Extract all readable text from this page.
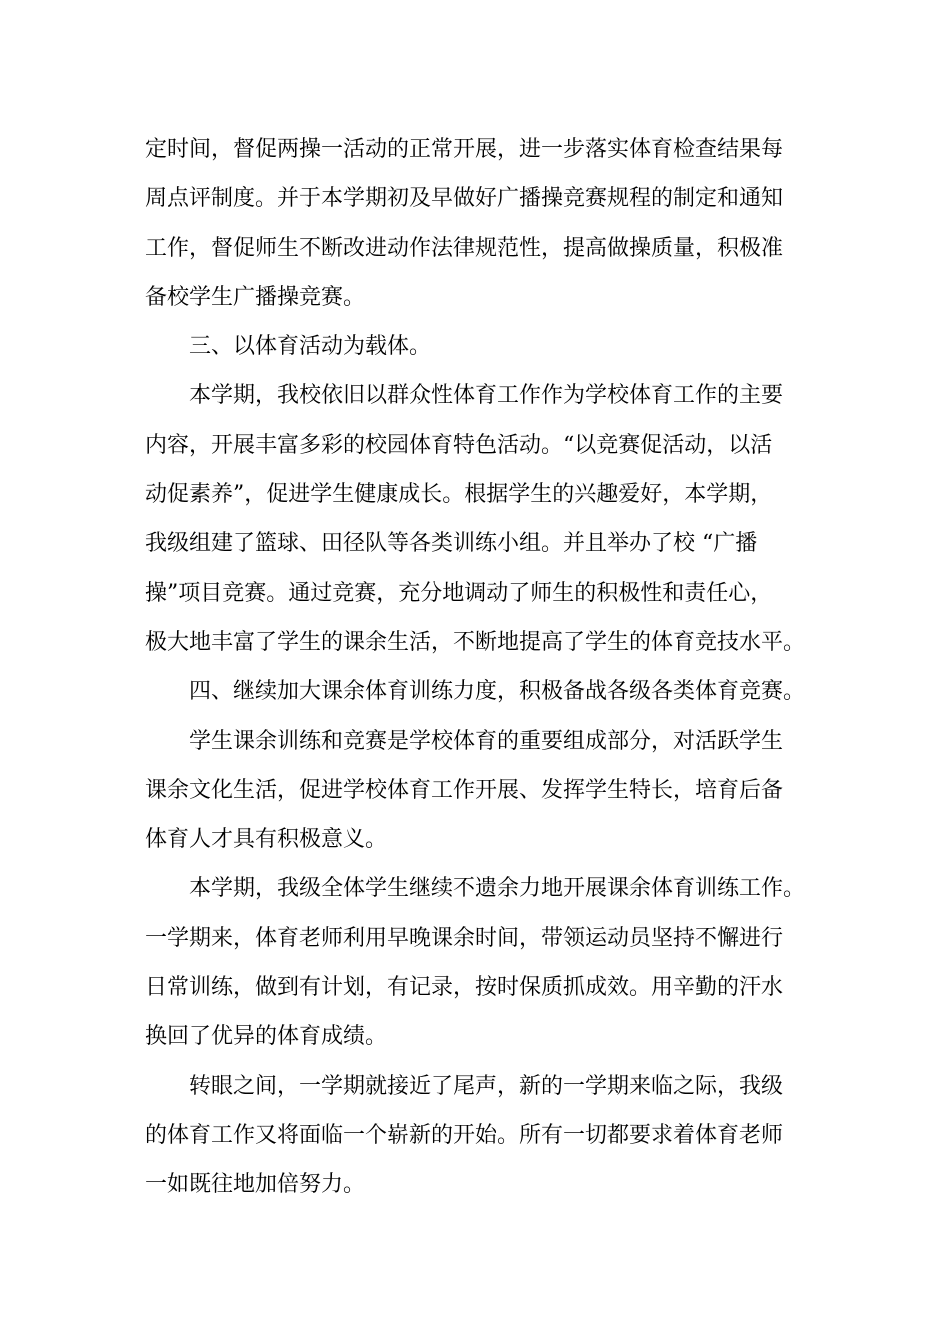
定时间，督促两操一活动的正常开展，进一步落实体育检查结果每
周点评制度。并于本学期初及早做好广播操竞赛规程的制定和通知
工作，督促师生不断改进动作法律规范性，提高做操质量，积极准
备校学生广播操竞赛。
三、以体育活动为载体。
本学期，我校依旧以群众性体育工作作为学校体育工作的主要
内容，开展丰富多彩的校园体育特色活动。“以竞赛促活动，以活
动促素养”，促进学生健康成长。根据学生的兴趣爱好，本学期，
我级组建了篮球、田径队等各类训练小组。并且举办了校 “广播
操”项目竞赛。通过竞赛，充分地调动了师生的积极性和责任心，
极大地丰富了学生的课余生活，不断地提高了学生的体育竞技水平。
四、继续加大课余体育训练力度，积极备战各级各类体育竞赛。
学生课余训练和竞赛是学校体育的重要组成部分，对活跃学生
课余文化生活，促进学校体育工作开展、发挥学生特长，培育后备
体育人才具有积极意义。
本学期，我级全体学生继续不遗余力地开展课余体育训练工作。
一学期来，体育老师利用早晚课余时间，带领运动员坚持不懈进行
日常训练，做到有计划，有记录，按时保质抓成效。用辛勤的汗水
换回了优异的体育成绩。
转眼之间，一学期就接近了尾声，新的一学期来临之际，我级
的体育工作又将面临一个崭新的开始。所有一切都要求着体育老师
一如既往地加倍努力。
